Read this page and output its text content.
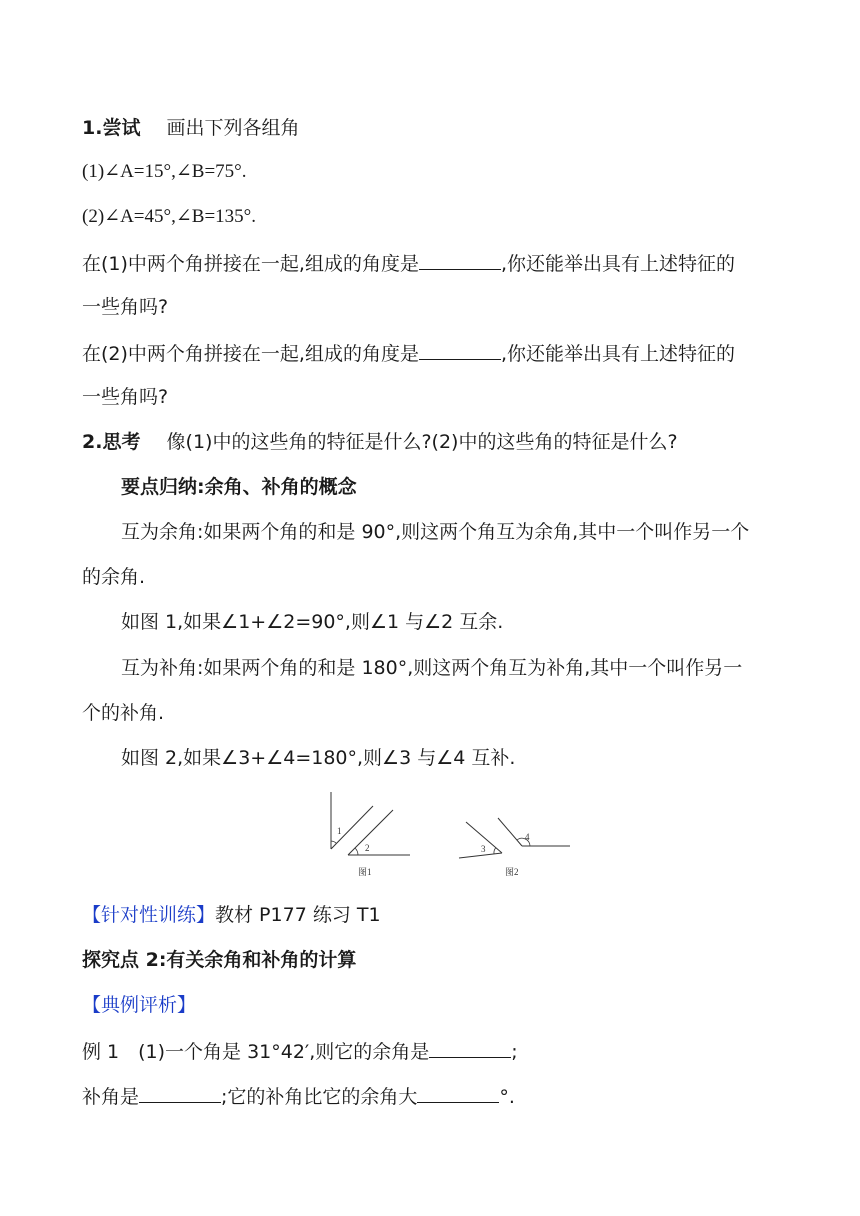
1.尝试 画出下列各组角
(1)∠A=15°,∠B=75°.
(2)∠A=45°,∠B=135°.
在(1)中两个角拼接在一起,组成的角度是	,你还能举出具有上述特征的
一些角吗?
在(2)中两个角拼接在一起,组成的角度是	,你还能举出具有上述特征的
一些角吗?
2.思考 像(1)中的这些角的特征是什么?(2)中的这些角的特征是什么?
要点归纳:余角、补角的概念
互为余角:如果两个角的和是 90°,则这两个角互为余角,其中一个叫作另一个
的余角.
如图 1,如果∠1+∠2=90°,则∠1 与∠2 互余.
互为补角:如果两个角的和是 180°,则这两个角互为补角,其中一个叫作另一
个的补角.
如图 2,如果∠3+∠4=180°,则∠3 与∠4 互补.
1
2
图1
3
4
图2
【针对性训练】教材 P177 练习 T1
探究点 2:有关余角和补角的计算
【典例评析】
例 1　(1)一个角是 31°42′,则它的余角是	;
补角是	;它的补角比它的余角大	°.
